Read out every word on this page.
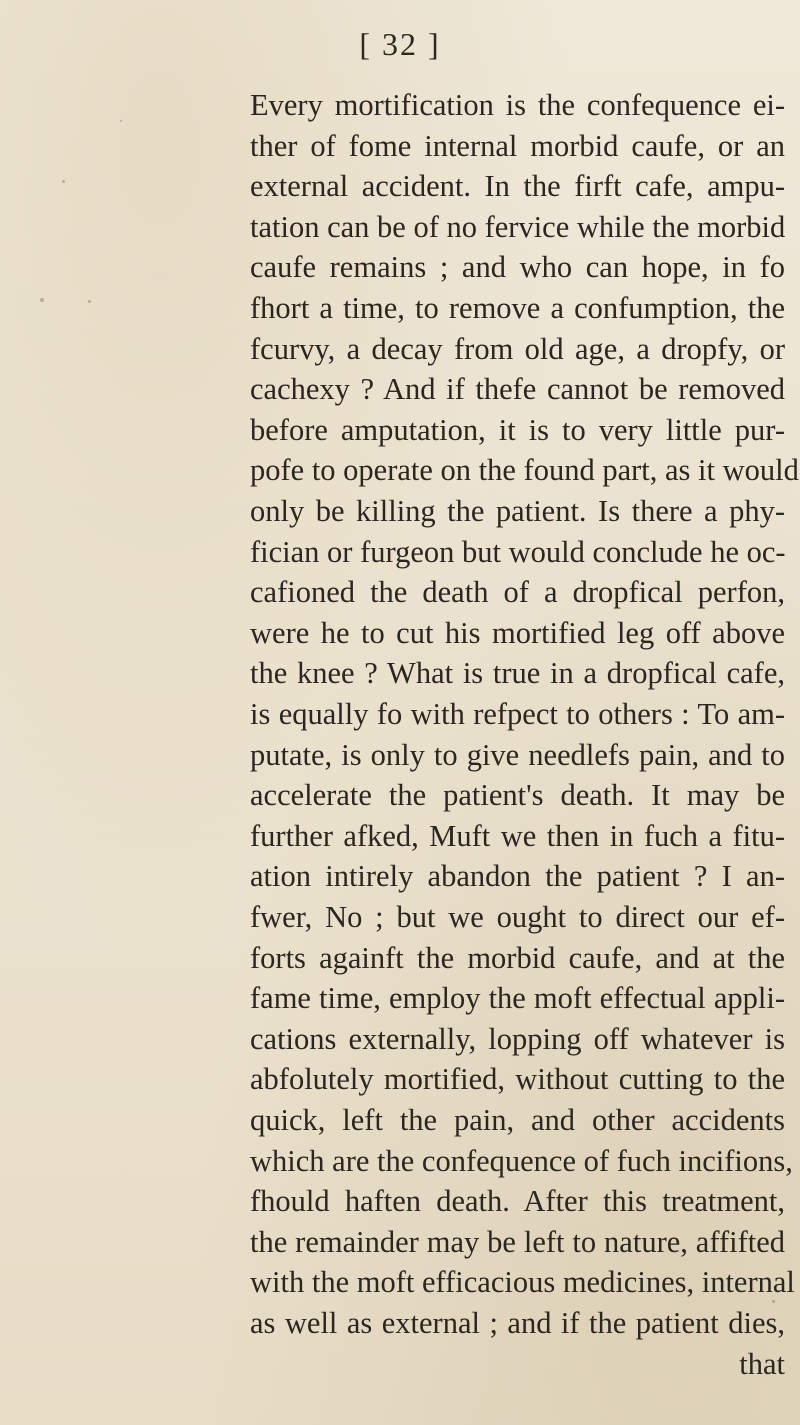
[ 32 ]
Every mortification is the confequence ei-
ther of fome internal morbid caufe, or an
external accident. In the firft cafe, ampu-
tation can be of no fervice while the morbid
caufe remains ; and who can hope, in fo
fhort a time, to remove a confumption, the
fcurvy, a decay from old age, a dropfy, or
cachexy ? And if thefe cannot be removed
before amputation, it is to very little pur-
pofe to operate on the found part, as it would
only be killing the patient. Is there a phy-
fician or furgeon but would conclude he oc-
cafioned the death of a dropfical perfon,
were he to cut his mortified leg off above
the knee ? What is true in a dropfical cafe,
is equally fo with refpect to others : To am-
putate, is only to give needlefs pain, and to
accelerate the patient's death. It may be
further afked, Muft we then in fuch a fitu-
ation intirely abandon the patient ? I an-
fwer, No ; but we ought to direct our ef-
forts againft the morbid caufe, and at the
fame time, employ the moft effectual appli-
cations externally, lopping off whatever is
abfolutely mortified, without cutting to the
quick, left the pain, and other accidents
which are the confequence of fuch incifions,
fhould haften death. After this treatment,
the remainder may be left to nature, affifted
with the moft efficacious medicines, internal
as well as external ; and if the patient dies,
that
